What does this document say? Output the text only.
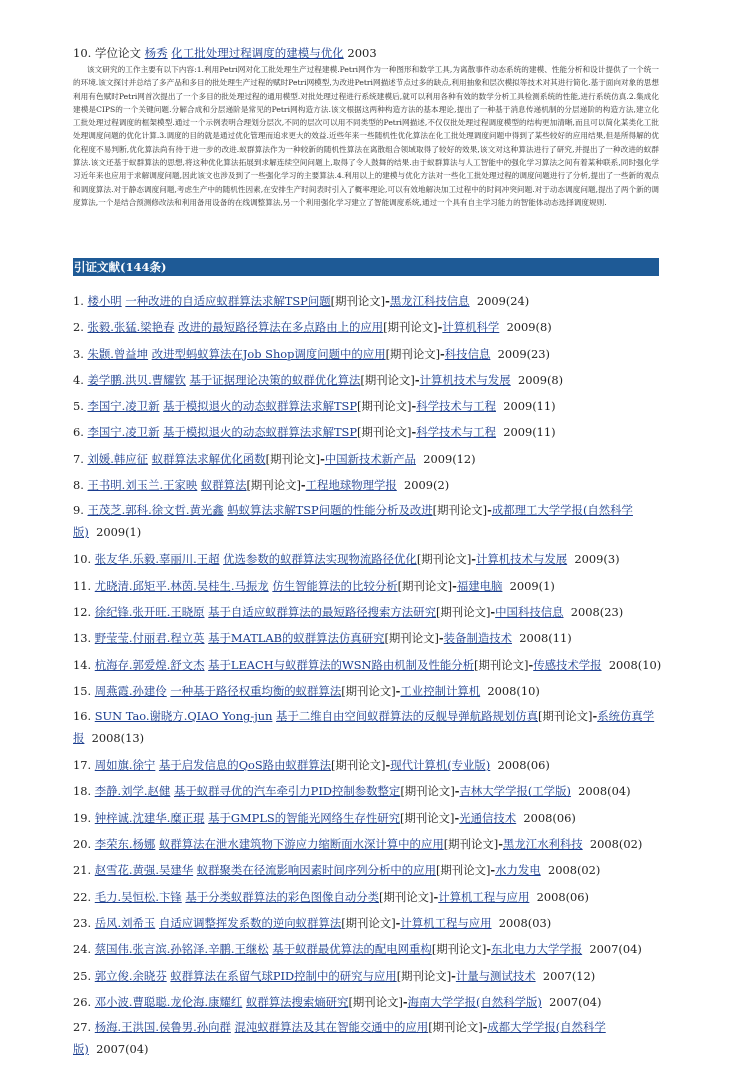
10. 学位论文 杨秀 化工批处理过程调度的建模与优化 2003
该文研究的工作主要有以下内容:1.利用Petri网对化工批处理生产过程建模.Petri网作为一种图形和数学工具,为离散事件动态系统的建模、性能分析和设计提供了一个统一的环境.该文探讨并总结了多产品和多目的批处理生产过程的赋时Petri网模型,为改进Petri网描述节点过多的缺点,利用抽象和层次模拟等技术对其进行简化.基于面向对象的思想利用有色赋时Petri网首次提出了一个多目的批处理过程的通用模型.对批处理过程进行系统建模后,就可以利用各种有效的数学分析工具检测系统的性能,进行系统仿真.2.集成化建模是CIPS的一个关键问题.分解合成和分层递阶是常见的Petri网构造方法.该文根据这两种构造方法的基本理论,提出了一种基于消息传递机制的分层递阶的构造方法,建立化工批处理过程调度的框架模型.通过一个示例表明合理划分层次,不同的层次可以用不同类型的Petri网描述,不仅仅批处理过程调度模型的结构更加清晰,而且可以简化某类化工批处理调度问题的优化计算.3.调度的目的就是通过优化管理而追求更大的效益.近些年来一些随机性优化算法在化工批处理调度问题中得到了某些较好的应用结果,但是所得解的优化程度不易判断,优化算法尚有待于进一步的改进.蚁群算法作为一种较新的随机性算法在离散组合领域取得了较好的效果,该文对这种算法进行了研究,并提出了一种改进的蚁群算法.该文还基于蚁群算法的思想,将这种优化算法拓展到求解连续空间问题上,取得了令人鼓舞的结果.由于蚁群算法与人工智能中的强化学习算法之间有着某种联系,同时强化学习近年来也应用于求解调度问题,因此该文也涉及到了一些强化学习的主要算法.4.利用以上的建模与优化方法对一些化工批处理过程的调度问题进行了分析,提出了一些新的观点和调度算法.对于静态调度问题,考虑生产中的随机性因素,在安排生产时间表时引入了概率理论,可以有效地解决加工过程中的时间冲突问题.对于动态调度问题,提出了两个新的调度算法,一个是结合预测修改法和利用备用设备的在线调整算法,另一个利用强化学习建立了智能调度系统,通过一个具有自主学习能力的智能体动态选择调度规则.
引证文献(144条)
1. 楼小明 一种改进的自适应蚁群算法求解TSP问题[期刊论文]-黑龙江科技信息 2009(24)
2. 张毅.张猛.梁艳春 改进的最短路径算法在多点路由上的应用[期刊论文]-计算机科学 2009(8)
3. 朱颢.曾益坤 改进型蚂蚁算法在Job Shop调度问题中的应用[期刊论文]-科技信息 2009(23)
4. 姜学鹏.洪贝.曹耀钦 基于证据理论决策的蚁群优化算法[期刊论文]-计算机技术与发展 2009(8)
5. 李国宁.凌卫新 基于模拟退火的动态蚁群算法求解TSP[期刊论文]-科学技术与工程 2009(11)
6. 李国宁.凌卫新 基于模拟退火的动态蚁群算法求解TSP[期刊论文]-科学技术与工程 2009(11)
7. 刘媛.韩应征 蚁群算法求解优化函数[期刊论文]-中国新技术新产品 2009(12)
8. 王书明.刘玉兰.王家映 蚁群算法[期刊论文]-工程地球物理学报 2009(2)
9. 王茂芝.郭科.徐文哲.黄光鑫 蚂蚁算法求解TSP问题的性能分析及改进[期刊论文]-成都理工大学学报(自然科学版) 2009(1)
10. 张友华.乐毅.辜丽川.王超 优选参数的蚁群算法实现物流路径优化[期刊论文]-计算机技术与发展 2009(3)
11. 尤晓清.邱矩平.林茵.吴桂生.马振龙 仿生智能算法的比较分析[期刊论文]-福建电脑 2009(1)
12. 徐纪锋.张开旺.王晓原 基于自适应蚁群算法的最短路径搜索方法研究[期刊论文]-中国科技信息 2008(23)
13. 野莹莹.付丽君.程立英 基于MATLAB的蚁群算法仿真研究[期刊论文]-装备制造技术 2008(11)
14. 杭海存.郭爱煌.舒文杰 基于LEACH与蚁群算法的WSN路由机制及性能分析[期刊论文]-传感技术学报 2008(10)
15. 周燕霞.孙建伶 一种基于路径权重均衡的蚁群算法[期刊论文]-工业控制计算机 2008(10)
16. SUN Tao.谢晓方.QIAO Yong-jun 基于二维自由空间蚁群算法的反舰导弹航路规划仿真[期刊论文]-系统仿真学报 2008(13)
17. 周如旗.徐宁 基于启发信息的QoS路由蚁群算法[期刊论文]-现代计算机(专业版) 2008(06)
18. 李静.刘学.赵健 基于蚁群寻优的汽车牵引力PID控制参数整定[期刊论文]-吉林大学学报(工学版) 2008(04)
19. 钟梓诚.沈建华.糜正琨 基于GMPLS的智能光网络生存性研究[期刊论文]-光通信技术 2008(06)
20. 李荣东.杨娜 蚁群算法在泄水建筑物下游应力缩断面水深计算中的应用[期刊论文]-黑龙江水利科技 2008(02)
21. 赵雪花.黄强.吴建华 蚁群聚类在径流影响因素时间序列分析中的应用[期刊论文]-水力发电 2008(02)
22. 毛力.吴恒松.卞锋 基于分类蚁群算法的彩色图像自动分类[期刊论文]-计算机工程与应用 2008(06)
23. 岳风.刘希玉 自适应调整挥发系数的逆向蚁群算法[期刊论文]-计算机工程与应用 2008(03)
24. 蔡国伟.张言滨.孙铭泽.辛鹏.王继松 基于蚁群最优算法的配电网重构[期刊论文]-东北电力大学学报 2007(04)
25. 郭立俊.余晓芬 蚁群算法在系留气球PID控制中的研究与应用[期刊论文]-计量与测试技术 2007(12)
26. 邓小波.曹聪聪.龙伦海.康耀红 蚁群算法搜索熵研究[期刊论文]-海南大学学报(自然科学版) 2007(04)
27. 杨海.王洪国.侯鲁男.孙向群 混沌蚁群算法及其在智能交通中的应用[期刊论文]-成都大学学报(自然科学版) 2007(04)
